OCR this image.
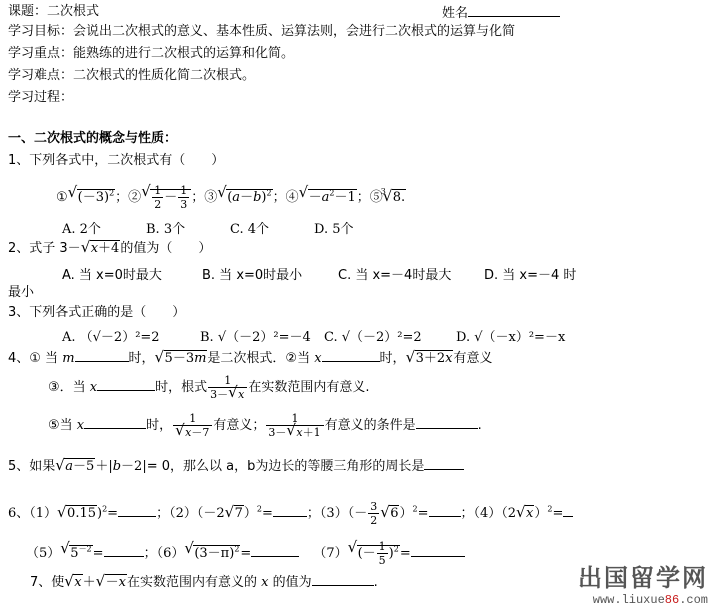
课题：二次根式	姓名
学习目标：会说出二次根式的意义、基本性质、运算法则，会进行二次根式的运算与化简
学习重点：能熟练的进行二次根式的运算和化简。
学习难点：二次根式的性质化简二次根式。
学习过程：
一、二次根式的概念与性质：
1、下列各式中，二次根式有（　　）
① √ $(-3)^2$；② √ $\frac{1}{2} - \frac{1}{3}$ ；③ √ $(a-b)^2$；④ √ $-a^2-1$；⑤
√ 3 8.
A. 2个	B. 3个	C. 4个	D. 5个
2、式子 3－ √ x＋4的值为（　　）
A. 当 x=0时最大	B. 当 x=0时最小	C. 当 x=－4时最大	D. 当 x=－4 时
最小
3、下列各式正确的是（　　）
A. （√－2）²=2	B. √（－2）²=－4 C. √（－2）²=2	D. √（－x）²=－x
4、① 当 m	时， √ 5－3m是二次根式．②当 x	时， √ 3＋2x有意义
③．当 x	时，根式 $\frac{1}{3- √ x}$ 在实数范围内有意义.
⑤当 x	时， 1
√ x－7 有意义； $\frac{1}{3- √ x+1}$ 有意义的条件是	.
5、如果 √ a－5＋|b－2|= 0，那么以 a，b为边长的等腰三角形的周长是
6、（1） √ 0.15)$^2$=	；（2）（－2 √ 7）$^2$=	；$(3)(- \frac{3}{2}$ √ 6）$^2$= ；（4）（2 √ x）$^2$=
（5） √ $5^{-2}=$	；（6） √ $(3-\pi)^2=$	（7） √ (－ $\frac{1}{5} )^2=$
7、使 √ x＋ √ －x在实数范围内有意义的 x 的值为	.	出国留学网
www.liuxue86.com
